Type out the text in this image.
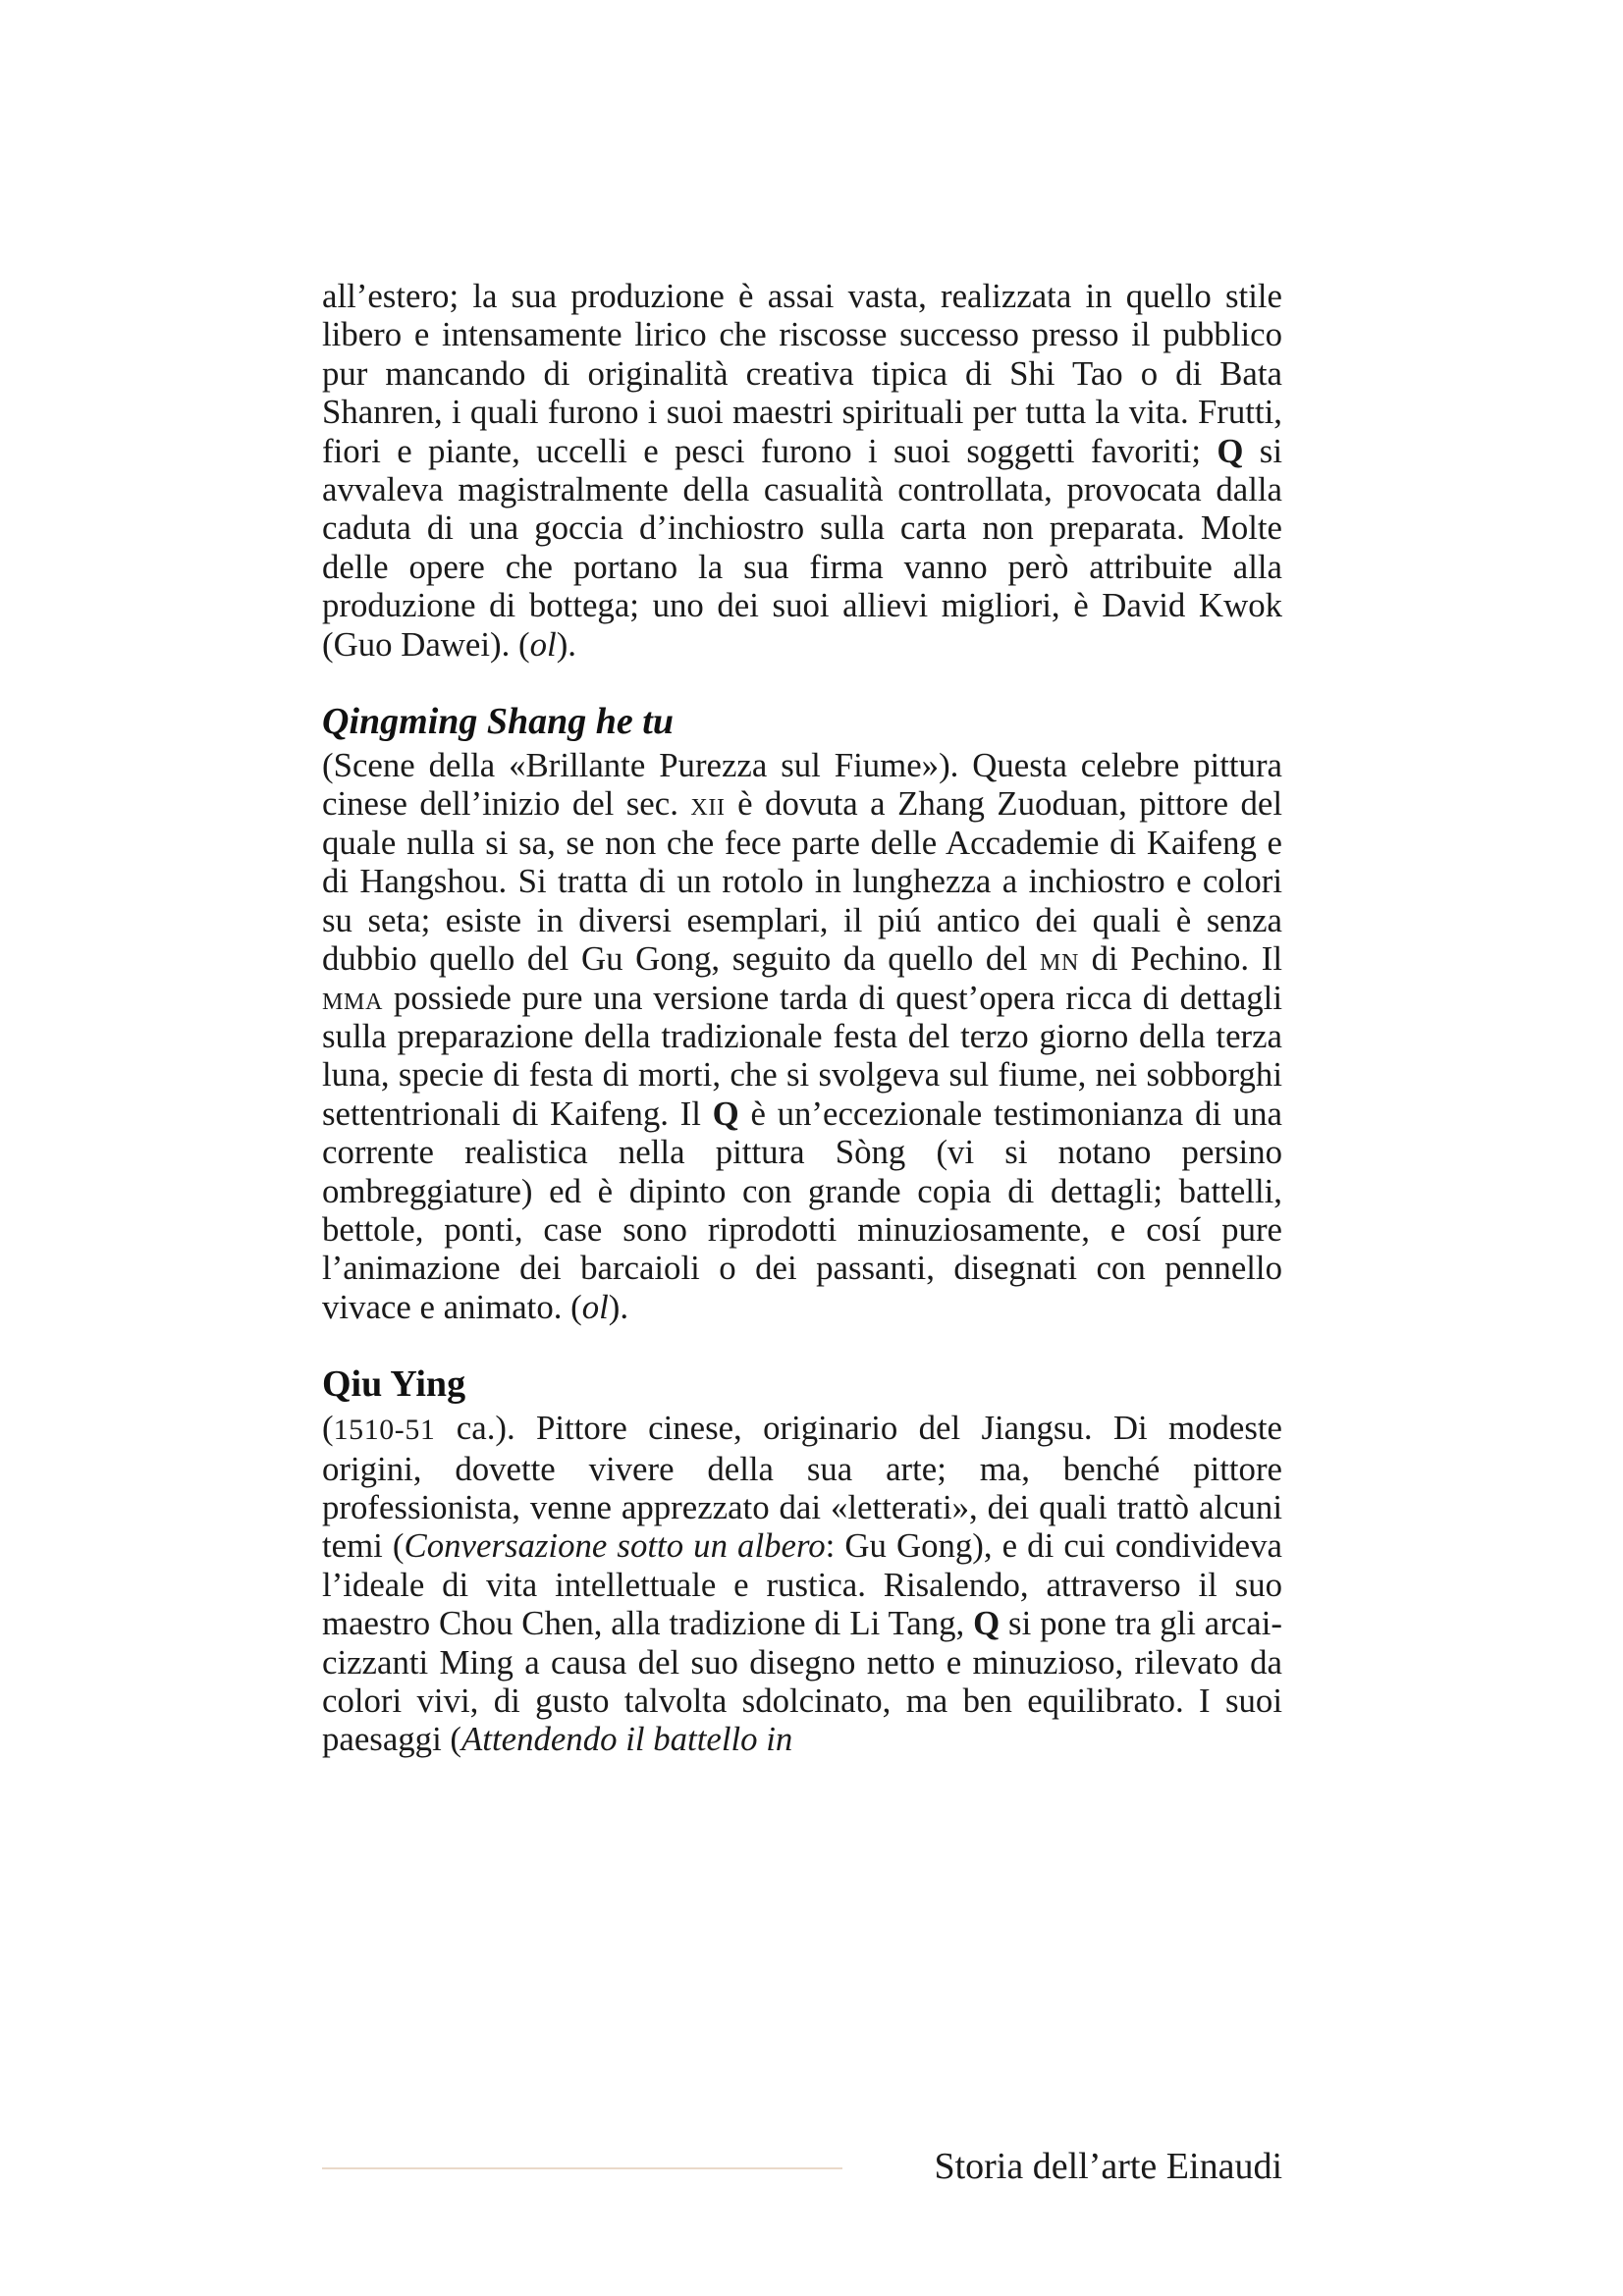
all’estero; la sua produzione è assai vasta, realizzata in quello stile libero e intensamente lirico che riscosse successo presso il pubblico pur mancando di originalità creativa tipica di Shi Tao o di Bata Shanren, i quali furono i suoi maestri spirituali per tutta la vita. Frutti, fiori e piante, uccelli e pesci furono i suoi soggetti favoriti; Q si avvaleva magistralmente della casualità controllata, provocata dalla caduta di una goccia d’inchiostro sulla carta non preparata. Molte delle opere che portano la sua firma vanno però attribuite alla produzione di bottega; uno dei suoi allievi migliori, è David Kwok (Guo Dawei). (ol).

Qingming Shang he tu

(Scene della «Brillante Purezza sul Fiume»). Questa celebre pittura cinese dell’inizio del sec. xii è dovuta a Zhang Zuoduan, pittore del quale nulla si sa, se non che fece parte delle Accademie di Kaifeng e di Hangshou. Si tratta di un rotolo in lunghezza a inchiostro e colori su seta; esiste in diversi esemplari, il piú antico dei quali è senza dubbio quello del Gu Gong, seguito da quello del mn di Pechino. Il mma possiede pure una versione tarda di quest’opera ricca di dettagli sulla preparazione della tradizionale festa del terzo giorno della terza luna, specie di festa di morti, che si svolgeva sul fiume, nei sobborghi settentrionali di Kaifeng. Il Q è un’eccezionale testimonianza di una corrente realistica nella pittura Sòng (vi si notano persino ombreggiature) ed è dipinto con grande copia di dettagli; battelli, bettole, ponti, case sono riprodotti minuziosamente, e cosí pure l’animazione dei barcaioli o dei passanti, disegnati con pennello vivace e animato. (ol).

Qiu Ying

(1510-51 ca.). Pittore cinese, originario del Jiangsu. Di modeste origini, dovette vivere della sua arte; ma, benché pittore professionista, venne apprezzato dai «letterati», dei quali trattò alcuni temi (Conversazione sotto un albero: Gu Gong), e di cui condivideva l’ideale di vita intellettuale e rustica. Risalendo, attraverso il suo maestro Chou Chen, alla tradizione di Li Tang, Q si pone tra gli arcaicizzanti Ming a causa del suo disegno netto e minuzioso, rilevato da colori vivi, di gusto talvolta sdolcinato, ma ben equilibrato. I suoi paesaggi (Attendendo il battello in

Storia dell’arte Einaudi
